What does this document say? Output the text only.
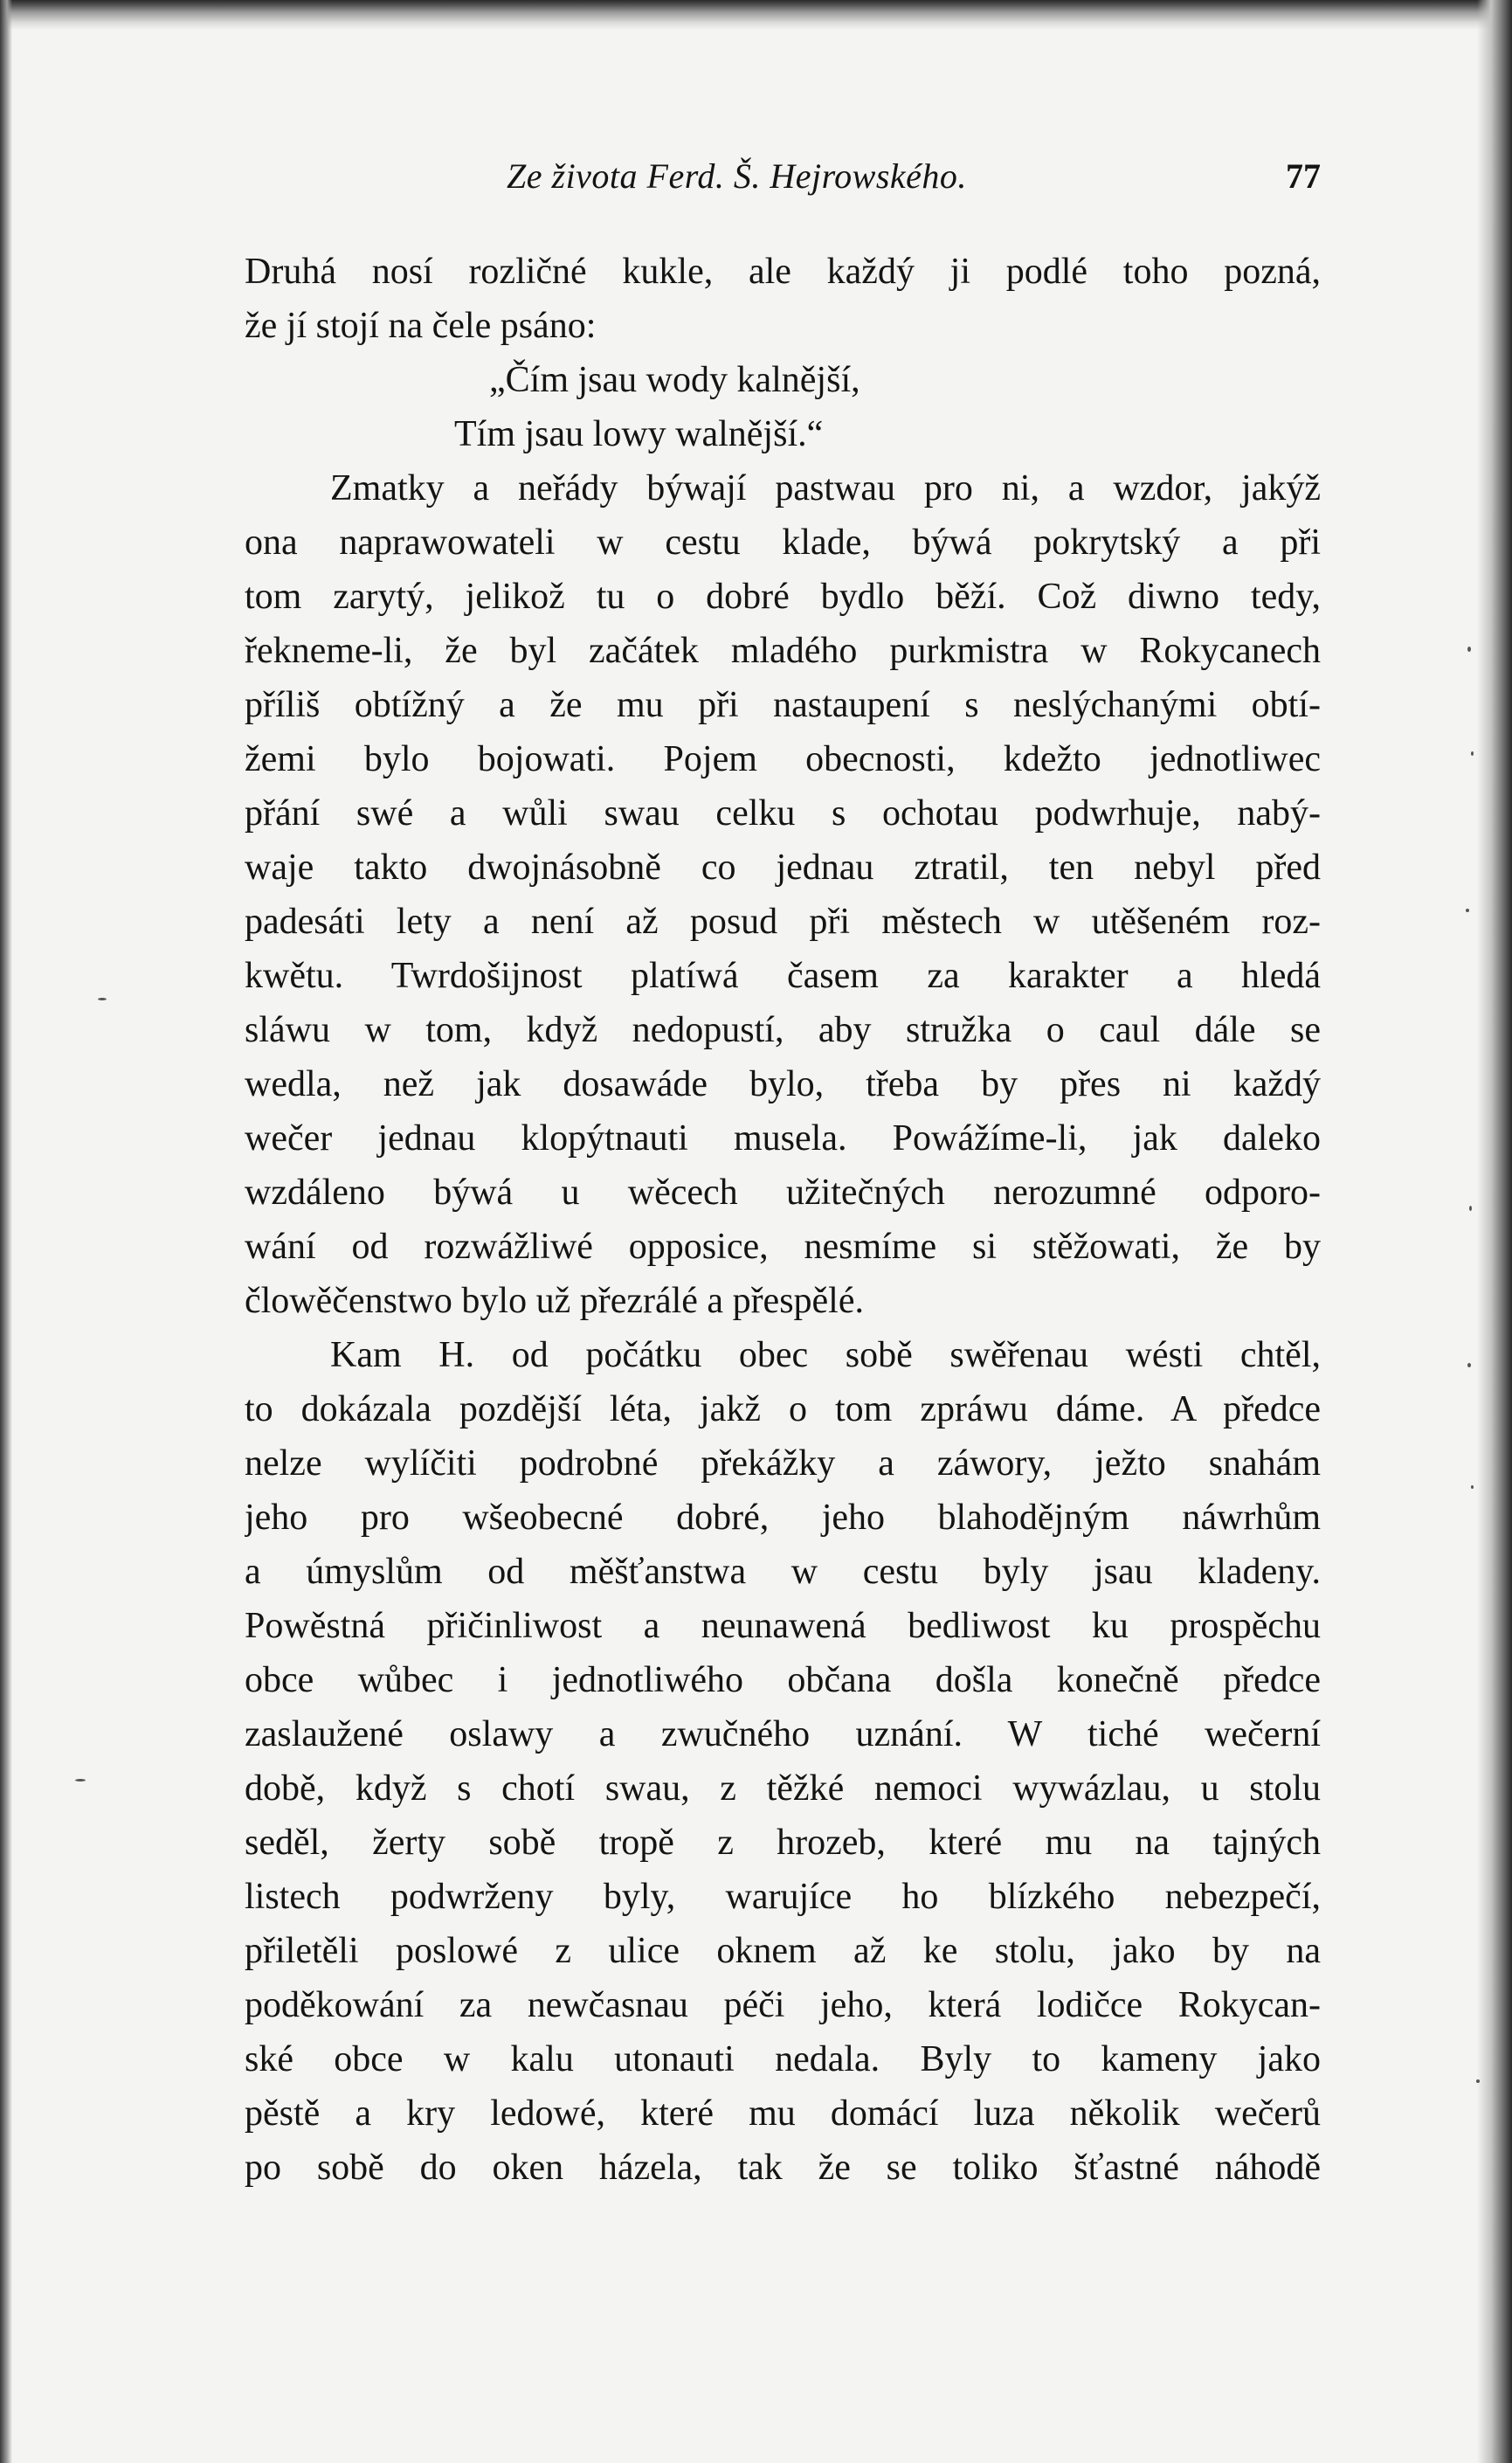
Ze života Ferd. Š. Hejrowského.	77
Druhá nosí rozličné kukle, ale každý ji podlé toho pozná,
že jí stojí na čele psáno:
„Čím jsau wody kalnější,
Tím jsau lowy walnější.“
Zmatky a neřády býwají pastwau pro ni, a wzdor, jakýž
ona naprawowateli w cestu klade, býwá pokrytský a při
tom zarytý, jelikož tu o dobré bydlo běží. Což diwno tedy,
řekneme-li, že byl začátek mladého purkmistra w Rokycanech
příliš obtížný a že mu při nastaupení s neslýchanými obtí-
žemi bylo bojowati. Pojem obecnosti, kdežto jednotliwec
přání swé a wůli swau celku s ochotau podwrhuje, nabý-
waje takto dwojnásobně co jednau ztratil, ten nebyl před
padesáti lety a není až posud při městech w utěšeném roz-
kwětu. Twrdošijnost platíwá časem za karakter a hledá
sláwu w tom, když nedopustí, aby stružka o caul dále se
wedla, než jak dosawáde bylo, třeba by přes ni každý
wečer jednau klopýtnauti musela. Powážíme-li, jak daleko
wzdáleno býwá u wěcech užitečných nerozumné odporo-
wání od rozwážliwé opposice, nesmíme si stěžowati, že by
člowěčenstwo bylo už přezrálé a přespělé.
Kam H. od počátku obec sobě swěřenau wésti chtěl,
to dokázala pozdější léta, jakž o tom zpráwu dáme. A předce
nelze wylíčiti podrobné překážky a záwory, ježto snahám
jeho pro wšeobecné dobré, jeho blahodějným náwrhům
a úmyslům od měšťanstwa w cestu byly jsau kladeny.
Powěstná přičinliwost a neunawená bedliwost ku prospěchu
obce wůbec i jednotliwého občana došla konečně předce
zaslaužené oslawy a zwučného uznání. W tiché wečerní
době, když s chotí swau, z těžké nemoci wywázlau, u stolu
seděl, žerty sobě tropě z hrozeb, které mu na tajných
listech podwrženy byly, warujíce ho blízkého nebezpečí,
přiletěli poslowé z ulice oknem až ke stolu, jako by na
poděkowání za newčasnau péči jeho, která lodičce Rokycan-
ské obce w kalu utonauti nedala. Byly to kameny jako
pěstě a kry ledowé, které mu domácí luza několik wečerů
po sobě do oken házela, tak že se toliko šťastné náhodě
